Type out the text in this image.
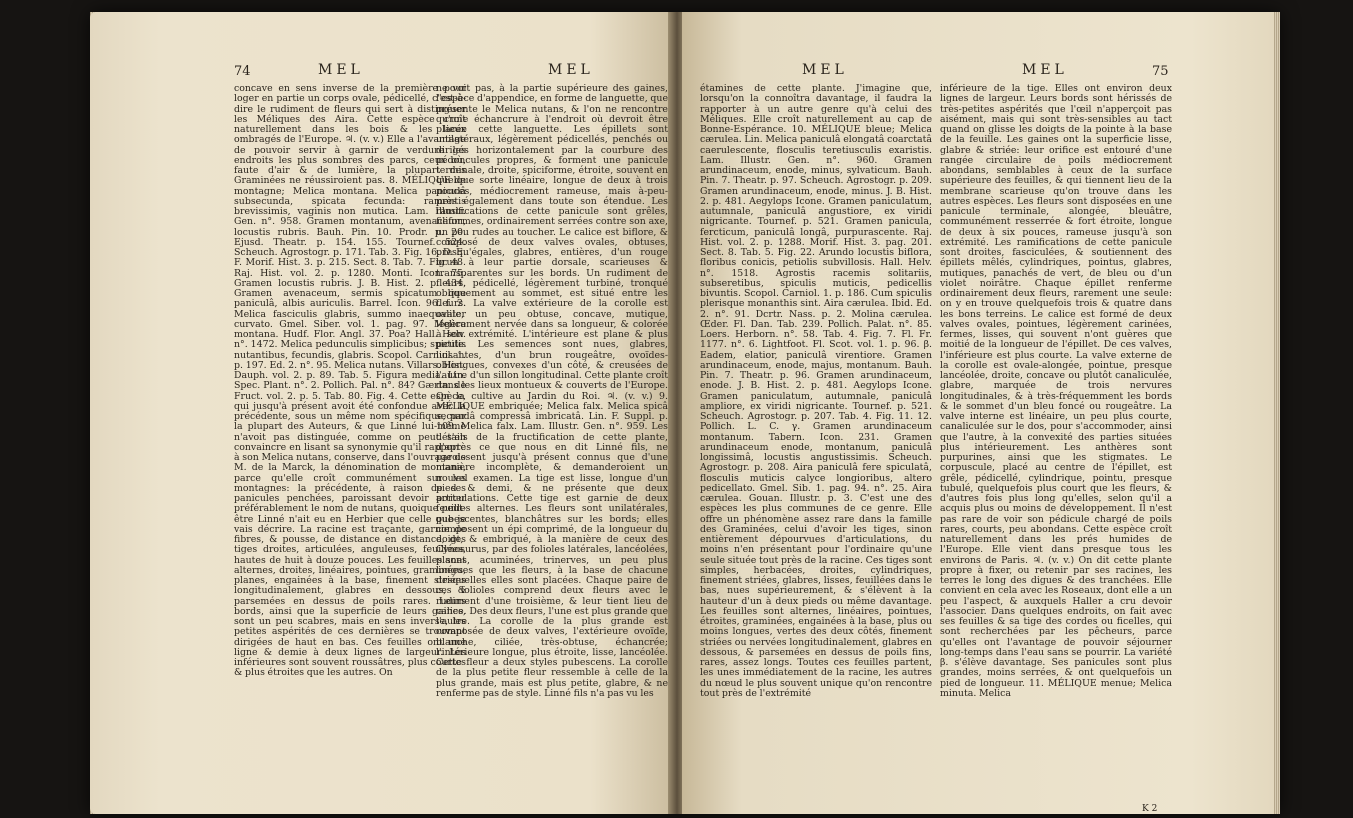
74	MEL	MEL

concave en sens inverse de la première pour loger en partie un corps ovale, pédicellé, c'est-à-dire le rudiment de fleurs qui sert à distinguer les Méliques des Aira. Cette espèce croît naturellement dans les bois & les lieux ombragés de l'Europe. ♃. (v. v.) Elle a l'avantage de pouvoir servir à garnir de verdure les endroits les plus sombres des parcs, ceux où, faute d'air & de lumière, la plupart des Graminées ne réussiroient pas. 8. MÉLIQUE de montagne; Melica montana. Melica paniculâ subsecunda, spicata fecunda: ramentis brevissimis, vaginis non mutica. Lam. Illustr. Gen. n°. 958. Gramen montanum, avenaceum, locustis rubris. Bauh. Pin. 10. Prodr. p. 20. Ejusd. Theatr. p. 154. 155. Tournef. 524. Scheuch. Agrostogr. p. 171. Tab. 3. Fig. 16. D. E. F. Morif. Hist. 3. p. 215. Sect. 8. Tab. 7. Fig. 48. Raj. Hist. vol. 2. p. 1280. Monti. Icon. 75. Gramen locustis rubris. J. B. Hist. 2. p. 434. Gramen avenaceum, sermis spicatum que paniculâ, albis auriculis. Barrel. Icon. 96. f. 2. Melica fasciculis glabris, summo inaequaliter curvato. Gmel. Siber. vol. 1. pag. 97. Melica montana. Hudf. Flor. Angl. 37. Poa? Hall. Helv. n°. 1472. Melica pedunculis simplicibus; spiculis nutantibus, fecundis, glabris. Scopol. Carniol. 1. p. 197. Ed. 2. n°. 95. Melica nutans. Villars. Hist. Dauph. vol. 2. p. 89. Tab. 5. Figura media. Lin. Spec. Plant. n°. 2. Pollich. Pal. n°. 84? Gærtn. de Fruct. vol. 2. p. 5. Tab. 80. Fig. 4. Cette espèce, qui jusqu'à présent avoit été confondue avec la précédente, sous un même nom spécifique, par la plupart des Auteurs, & que Linné lui-même n'avoit pas distinguée, comme on peut s'en convaincre en lisant sa synonymie qu'il rapporte à son Melica nutans, conserve, dans l'ouvrage de M. de la Marck, la dénomination de montana, parce qu'elle croît communément sur les montagnes: la précédente, à raison de ses panicules penchées, paroissant devoir porter préférablement le nom de nutans, quoique peut-être Linné n'ait eu en Herbier que celle que je vais décrire. La racine est traçante, garnie de fibres, & pousse, de distance en distance, des tiges droites, articulées, anguleuses, feuillées, hautes de huit à douze pouces. Les feuilles sont alternes, droites, linéaires, pointues, graminées, planes, engainées à la base, finement striées longitudinalement, glabres en dessous, & parsemées en dessus de poils rares. Leurs bords, ainsi que la superficie de leurs gaines, sont un peu scabres, mais en sens inverse, les petites aspérités de ces dernières se trouvant dirigées de haut en bas. Ces feuilles ont une ligne & demie à deux lignes de largeur. Les inférieures sont souvent roussâtres, plus courtes & plus étroites que les autres. On

ne voit pas, à la partie supérieure des gaines, l'espèce d'appendice, en forme de languette, que présente le Melica nutans, & l'on ne rencontre qu'une échancrure à l'endroit où devroit être placée cette languette. Les épillets sont unilatéraux, légèrement pédicellés, penchés ou dirigés horizontalement par la courbure des pédoncules propres, & forment une panicule terminale, droite, spiciforme, étroite, souvent en quelque sorte linéaire, longue de deux à trois pouces, médiocrement rameuse, mais à-peu-près également dans toute son étendue. Les ramifications de cette panicule sont grêles, filiformes, ordinairement serrées contre son axe, un peu rudes au toucher. Le calice est biflore, & composé de deux valves ovales, obtuses, presqu'égales, glabres, entières, d'un rouge brun à leur partie dorsale, scarieuses & transparentes sur les bords. Un rudiment de fleurs, pédicellé, légèrement turbiné, tronqué obliquement au sommet, est situé entre les fleurs. La valve extérieure de la corolle est ovale, un peu obtuse, concave, mutique, légèrement nervée dans sa longueur, & colorée à son extrémité. L'intérieure est plane & plus petite. Les semences sont nues, glabres, luisantes, d'un brun rougeâtre, ovoïdes-oblongues, convexes d'un côté, & creusées de l'autre d'un sillon longitudinal. Cette plante croît dans les lieux montueux & couverts de l'Europe. On la cultive au Jardin du Roi. ♃. (v. v.) 9. MÉLIQUE embriquée; Melica falx. Melica spicâ secundâ compressâ imbricatâ. Lin. F. Suppl. p. 109. Melica falx. Lam. Illustr. Gen. n°. 959. Les détails de la fructification de cette plante, d'après ce que nous en dit Linné fils, ne paroissent jusqu'à présent connus que d'une manière incomplète, & demanderoient un nouvel examen. La tige est lisse, longue d'un pied & demi, & ne présente que deux articulations. Cette tige est garnie de deux feuilles alternes. Les fleurs sont unilatérales, pubescentes, blanchâtres sur les bords; elles composent un épi comprimé, de la longueur du doigt, & embriqué, à la manière de ceux des Cynosurus, par des folioles latérales, lancéolées, planes, acuminées, trinerves, un peu plus longues que les fleurs, à la base de chacune desquelles elles sont placées. Chaque paire de ces folioles comprend deux fleurs avec le rudiment d'une troisième, & leur tient lieu de calice. Des deux fleurs, l'une est plus grande que l'autre. La corolle de la plus grande est composée de deux valves, l'extérieure ovoïde, blanche, ciliée, très-obtuse, échancrée; l'intérieure longue, plus étroite, lisse, lancéolée. Cette fleur a deux styles pubescens. La corolle de la plus petite fleur ressemble à celle de la plus grande, mais est plus petite, glabre, & ne renferme pas de style. Linné fils n'a pas vu les

MEL	MEL	75

étamines de cette plante. J'imagine que, lorsqu'on la connoîtra davantage, il faudra la rapporter à un autre genre qu'à celui des Méliques. Elle croît naturellement au cap de Bonne-Espérance. 10. MÉLIQUE bleue; Melica cærulea. Lin. Melica paniculâ elongatâ coarctatâ caerulescente, flosculis teretiusculis exaristis. Lam. Illustr. Gen. n°. 960. Gramen arundinaceum, enode, minus, sylvaticum. Bauh. Pin. 7. Theatr. p. 97. Scheuch. Agrostogr. p. 209. Gramen arundinaceum, enode, minus. J. B. Hist. 2. p. 481. Aegylops Icone. Gramen paniculatum, autumnale, paniculâ angustiore, ex viridi nigricante. Tournef. p. 521. Gramen panicula, fercticum, paniculâ longâ, purpurascente. Raj. Hist. vol. 2. p. 1288. Morif. Hist. 3. pag. 201. Sect. 8. Tab. 5. Fig. 22. Arundo locustis biflora, floribus conicis, petiolis subvillosis. Hall. Helv. n°. 1518. Agrostis racemis solitariis, subseretibus, spiculis muticis, pedicellis bivuntis. Scopol. Carniol. 1. p. 186. Cum spiculis plerisque monanthis sint. Aira cærulea. Ibid. Ed. 2. n°. 91. Dcrtr. Nass. p. 2. Molina cærulea. Œder. Fl. Dan. Tab. 239. Pollich. Palat. n°. 85. Loers. Herborn. n°. 58. Tab. 4. Fig. 7. Fl. Fr. 1177. n°. 6. Lightfoot. Fl. Scot. vol. 1. p. 96. β. Eadem, elatior, paniculâ virentiore. Gramen arundinaceum, enode, majus, montanum. Bauh. Pin. 7. Theatr. p. 96. Gramen arundinaceum, enode. J. B. Hist. 2. p. 481. Aegylops Icone. Gramen paniculatum, autumnale, paniculâ ampliore, ex viridi nigricante. Tournef. p. 521. Scheuch. Agrostogr. p. 207. Tab. 4. Fig. 11. 12. Pollich. L. C. γ. Gramen arundinaceum montanum. Tabern. Icon. 231. Gramen arundinaceum enode, montanum, paniculâ longissimâ, locustis angustissimis. Scheuch. Agrostogr. p. 208. Aira paniculâ fere spiculatâ, flosculis muticis calyce longioribus, altero pedicellato. Gmel. Sib. 1. pag. 94. n°. 25. Aira cærulea. Gouan. Illustr. p. 3. C'est une des espèces les plus communes de ce genre. Elle offre un phénomène assez rare dans la famille des Graminées, celui d'avoir les tiges, sinon entièrement dépourvues d'articulations, du moins n'en présentant pour l'ordinaire qu'une seule située tout près de la racine. Ces tiges sont simples, herbacées, droites, cylindriques, finement striées, glabres, lisses, feuillées dans le bas, nues supérieurement, & s'élèvent à la hauteur d'un à deux pieds ou même davantage. Les feuilles sont alternes, linéaires, pointues, étroites, graminées, engainées à la base, plus ou moins longues, vertes des deux côtés, finement striées ou nervées longitudinalement, glabres en dessous, & parsemées en dessus de poils fins, rares, assez longs. Toutes ces feuilles partent, les unes immédiatement de la racine, les autres du nœud le plus souvent unique qu'on rencontre tout près de l'extrémité

inférieure de la tige. Elles ont environ deux lignes de largeur. Leurs bords sont hérissés de très-petites aspérités que l'œil n'apperçoit pas aisément, mais qui sont très-sensibles au tact quand on glisse les doigts de la pointe à la base de la feuille. Les gaines ont la superficie lisse, glabre & striée: leur orifice est entouré d'une rangée circulaire de poils médiocrement abondans, semblables à ceux de la surface supérieure des feuilles, & qui tiennent lieu de la membrane scarieuse qu'on trouve dans les autres espèces. Les fleurs sont disposées en une panicule terminale, alongée, bleuâtre, communément resserrée & fort étroite, longue de deux à six pouces, rameuse jusqu'à son extrémité. Les ramifications de cette panicule sont droites, fasciculées, & soutiennent des épillets mêlés, cylindriques, pointus, glabres, mutiques, panachés de vert, de bleu ou d'un violet noirâtre. Chaque épillet renferme ordinairement deux fleurs, rarement une seule: on y en trouve quelquefois trois & quatre dans les bons terreins. Le calice est formé de deux valves ovales, pointues, légèrement carinées, fermes, lisses, qui souvent n'ont guères que moitié de la longueur de l'épillet. De ces valves, l'inférieure est plus courte. La valve externe de la corolle est ovale-alongée, pointue, presque lancéolée, droite, concave ou plutôt canaliculée, glabre, marquée de trois nervures longitudinales, & à très-fréquemment les bords & le sommet d'un bleu foncé ou rougeâtre. La valve interne est linéaire, un peu plus courte, canaliculée sur le dos, pour s'accommoder, ainsi que l'autre, à la convexité des parties situées plus intérieurement. Les anthères sont purpurines, ainsi que les stigmates. Le corpuscule, placé au centre de l'épillet, est grêle, pédicellé, cylindrique, pointu, presque tubulé, quelquefois plus court que les fleurs, & d'autres fois plus long qu'elles, selon qu'il a acquis plus ou moins de développement. Il n'est pas rare de voir son pédicule chargé de poils rares, courts, peu abondans. Cette espèce croît naturellement dans les prés humides de l'Europe. Elle vient dans presque tous les environs de Paris. ♃. (v. v.) On dit cette plante propre à fixer, ou retenir par ses racines, les terres le long des digues & des tranchées. Elle convient en cela avec les Roseaux, dont elle a un peu l'aspect, & auxquels Haller a cru devoir l'associer. Dans quelques endroits, on fait avec ses feuilles & sa tige des cordes ou ficelles, qui sont recherchées par les pêcheurs, parce qu'elles ont l'avantage de pouvoir séjourner long-temps dans l'eau sans se pourrir. La variété β. s'élève davantage. Ses panicules sont plus grandes, moins serrées, & ont quelquefois un pied de longueur. 11. MÉLIQUE menue; Melica minuta. Melica

K 2
